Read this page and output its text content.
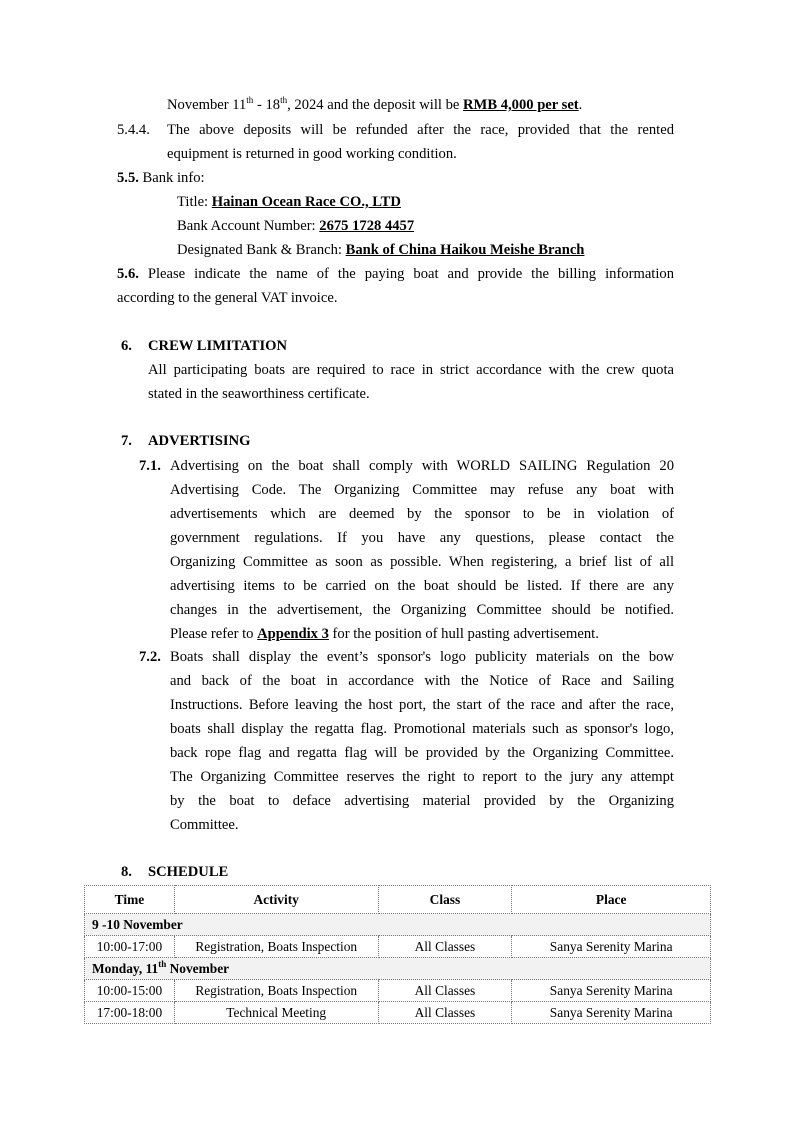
November 11th - 18th, 2024 and the deposit will be RMB 4,000 per set.
5.4.4. The above deposits will be refunded after the race, provided that the rented
equipment is returned in good working condition.
5.5. Bank info:
Title: Hainan Ocean Race CO., LTD
Bank Account Number: 2675 1728 4457
Designated Bank & Branch: Bank of China Haikou Meishe Branch
5.6. Please indicate the name of the paying boat and provide the billing information
according to the general VAT invoice.
6. CREW LIMITATION
All participating boats are required to race in strict accordance with the crew quota
stated in the seaworthiness certificate.
7. ADVERTISING
7.1. Advertising on the boat shall comply with WORLD SAILING Regulation 20
Advertising Code. The Organizing Committee may refuse any boat with
advertisements which are deemed by the sponsor to be in violation of
government regulations. If you have any questions, please contact the
Organizing Committee as soon as possible. When registering, a brief list of all
advertising items to be carried on the boat should be listed. If there are any
changes in the advertisement, the Organizing Committee should be notified.
Please refer to Appendix 3 for the position of hull pasting advertisement.
7.2. Boats shall display the event’s sponsor's logo publicity materials on the bow
and back of the boat in accordance with the Notice of Race and Sailing
Instructions. Before leaving the host port, the start of the race and after the race,
boats shall display the regatta flag. Promotional materials such as sponsor's logo,
back rope flag and regatta flag will be provided by the Organizing Committee.
The Organizing Committee reserves the right to report to the jury any attempt
by the boat to deface advertising material provided by the Organizing
Committee.
8. SCHEDULE
Time	Activity	Class	Place
9 -10 November			
10:00-17:00	Registration, Boats Inspection	All Classes	Sanya Serenity Marina
Monday, 11th November			
10:00-15:00	Registration, Boats Inspection	All Classes	Sanya Serenity Marina
17:00-18:00	Technical Meeting	All Classes	Sanya Serenity Marina
